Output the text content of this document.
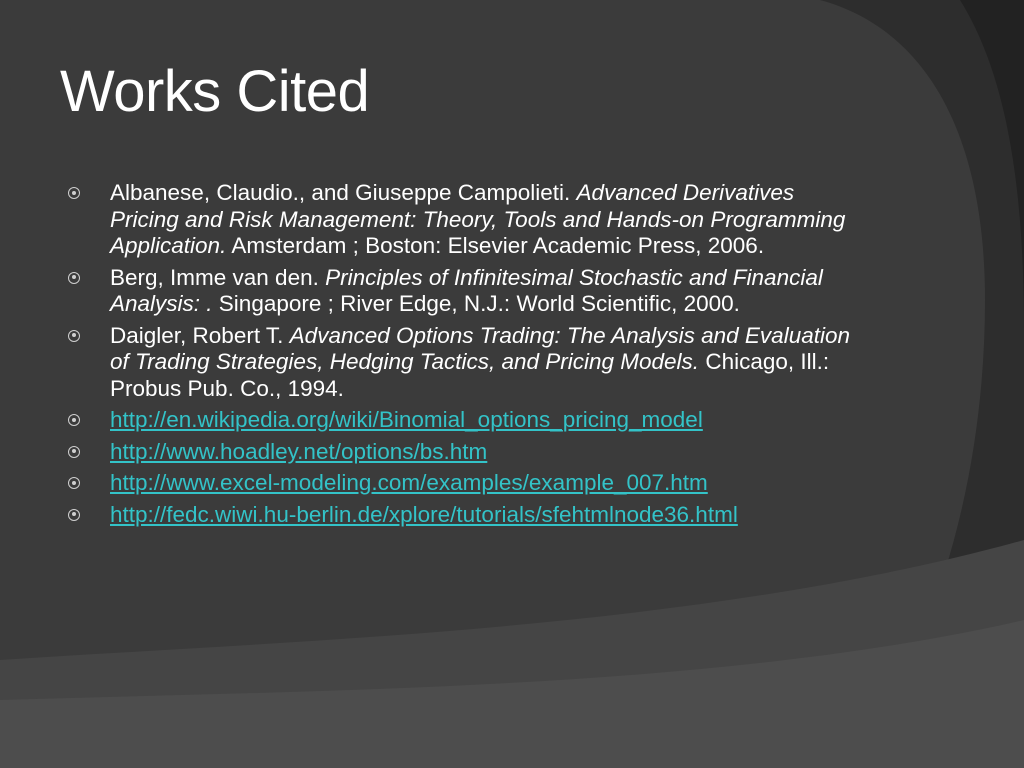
Works Cited
Albanese, Claudio., and Giuseppe Campolieti. Advanced Derivatives Pricing and Risk Management: Theory, Tools and Hands-on Programming Application. Amsterdam ; Boston: Elsevier Academic Press, 2006.
Berg, Imme van den. Principles of Infinitesimal Stochastic and Financial Analysis: . Singapore ; River Edge, N.J.: World Scientific, 2000.
Daigler, Robert T. Advanced Options Trading: The Analysis and Evaluation of Trading Strategies, Hedging Tactics, and Pricing Models. Chicago, Ill.: Probus Pub. Co., 1994.
http://en.wikipedia.org/wiki/Binomial_options_pricing_model
http://www.hoadley.net/options/bs.htm
http://www.excel-modeling.com/examples/example_007.htm
http://fedc.wiwi.hu-berlin.de/xplore/tutorials/sfehtmlnode36.html
